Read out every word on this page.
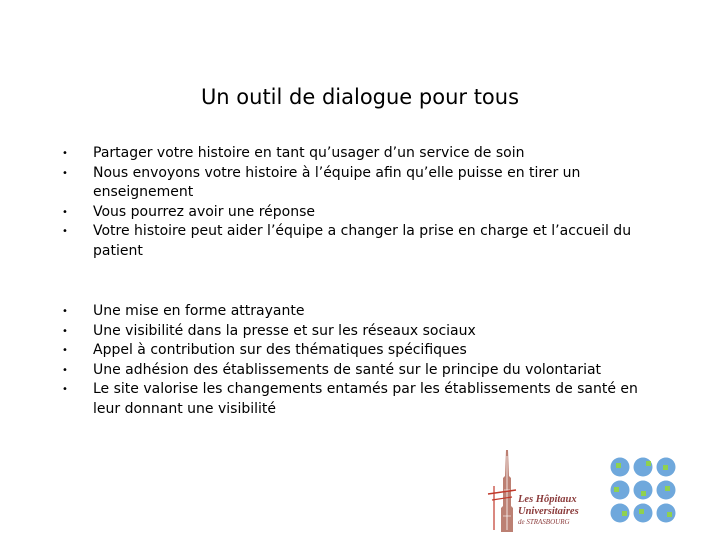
Un outil de dialogue pour tous
• Partager votre histoire en tant qu’usager d’un service de soin
• Nous envoyons votre histoire à l’équipe afin qu’elle puisse en tirer un enseignement
• Vous pourrez avoir une réponse
• Votre histoire peut aider l’équipe a changer la prise en charge et l’accueil du patient
• Une mise en forme attrayante
• Une visibilité dans la presse et sur les réseaux sociaux
• Appel à contribution sur des thématiques spécifiques
• Une adhésion des établissements de santé sur le principe du volontariat
• Le site valorise les changements entamés par les établissements de santé en leur donnant une visibilité
Les Hôpitaux
Universitaires
de STRASBOURG
